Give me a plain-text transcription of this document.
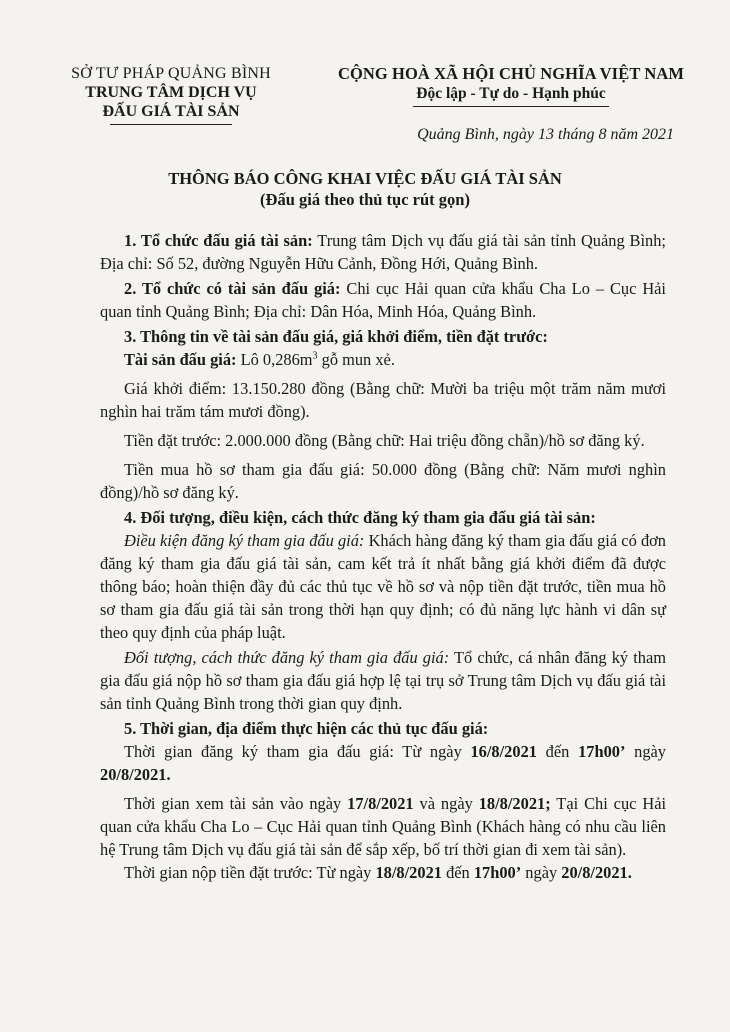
SỞ TƯ PHÁP QUẢNG BÌNH
TRUNG TÂM DỊCH VỤ
ĐẤU GIÁ TÀI SẢN
CỘNG HOÀ XÃ HỘI CHỦ NGHĨA VIỆT NAM
Độc lập - Tự do - Hạnh phúc
Quảng Bình, ngày 13 tháng 8 năm 2021
THÔNG BÁO CÔNG KHAI VIỆC ĐẤU GIÁ TÀI SẢN
(Đấu giá theo thủ tục rút gọn)

1. Tổ chức đấu giá tài sản: Trung tâm Dịch vụ đấu giá tài sản tỉnh Quảng Bình; Địa chỉ: Số 52, đường Nguyễn Hữu Cảnh, Đồng Hới, Quảng Bình.

2. Tổ chức có tài sản đấu giá: Chi cục Hải quan cửa khẩu Cha Lo – Cục Hải quan tỉnh Quảng Bình; Địa chỉ: Dân Hóa, Minh Hóa, Quảng Bình.

3. Thông tin về tài sản đấu giá, giá khởi điểm, tiền đặt trước:

Tài sản đấu giá: Lô $0,286m^3$ gỗ mun xẻ.

Giá khởi điểm: 13.150.280 đồng (Bằng chữ: Mười ba triệu một trăm năm mươi nghìn hai trăm tám mươi đồng).

Tiền đặt trước: 2.000.000 đồng (Bằng chữ: Hai triệu đồng chẵn)/hồ sơ đăng ký.

Tiền mua hồ sơ tham gia đấu giá: 50.000 đồng (Bằng chữ: Năm mươi nghìn đồng)/hồ sơ đăng ký.

4. Đối tượng, điều kiện, cách thức đăng ký tham gia đấu giá tài sản:

Điều kiện đăng ký tham gia đấu giá: Khách hàng đăng ký tham gia đấu giá có đơn đăng ký tham gia đấu giá tài sản, cam kết trả ít nhất bằng giá khởi điểm đã được thông báo; hoàn thiện đầy đủ các thủ tục về hồ sơ và nộp tiền đặt trước, tiền mua hồ sơ tham gia đấu giá tài sản trong thời hạn quy định; có đủ năng lực hành vi dân sự theo quy định của pháp luật.

Đối tượng, cách thức đăng ký tham gia đấu giá: Tổ chức, cá nhân đăng ký tham gia đấu giá nộp hồ sơ tham gia đấu giá hợp lệ tại trụ sở Trung tâm Dịch vụ đấu giá tài sản tỉnh Quảng Bình trong thời gian quy định.

5. Thời gian, địa điểm thực hiện các thủ tục đấu giá:

Thời gian đăng ký tham gia đấu giá: Từ ngày 16/8/2021 đến 17h00’ ngày 20/8/2021.

Thời gian xem tài sản vào ngày 17/8/2021 và ngày 18/8/2021; Tại Chi cục Hải quan cửa khẩu Cha Lo – Cục Hải quan tỉnh Quảng Bình (Khách hàng có nhu cầu liên hệ Trung tâm Dịch vụ đấu giá tài sản để sắp xếp, bố trí thời gian đi xem tài sản).

Thời gian nộp tiền đặt trước: Từ ngày 18/8/2021 đến 17h00’ ngày 20/8/2021.
